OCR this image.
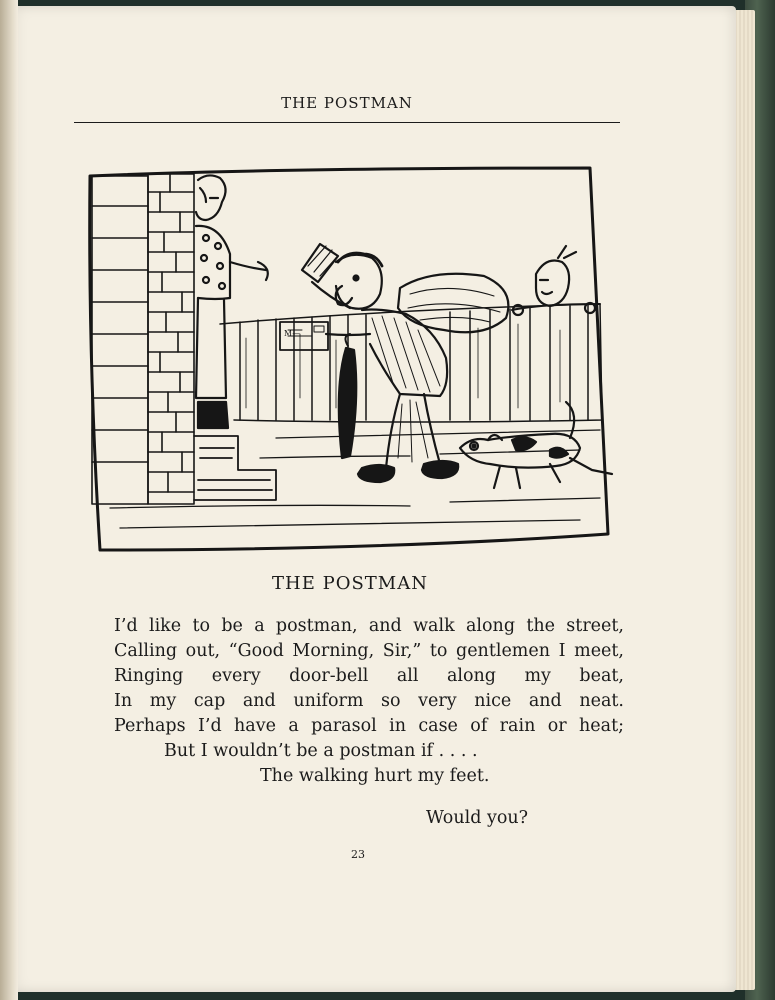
THE POSTMAN
M—
THE POSTMAN
I’d like to be a postman, and walk along the street,
Calling out, “Good Morning, Sir,” to gentlemen I meet,
Ringing every door-bell all along my beat,
In my cap and uniform so very nice and neat.
Perhaps I’d have a parasol in case of rain or heat;
But I wouldn’t be a postman if . . . .
The walking hurt my feet.
Would you?
23
